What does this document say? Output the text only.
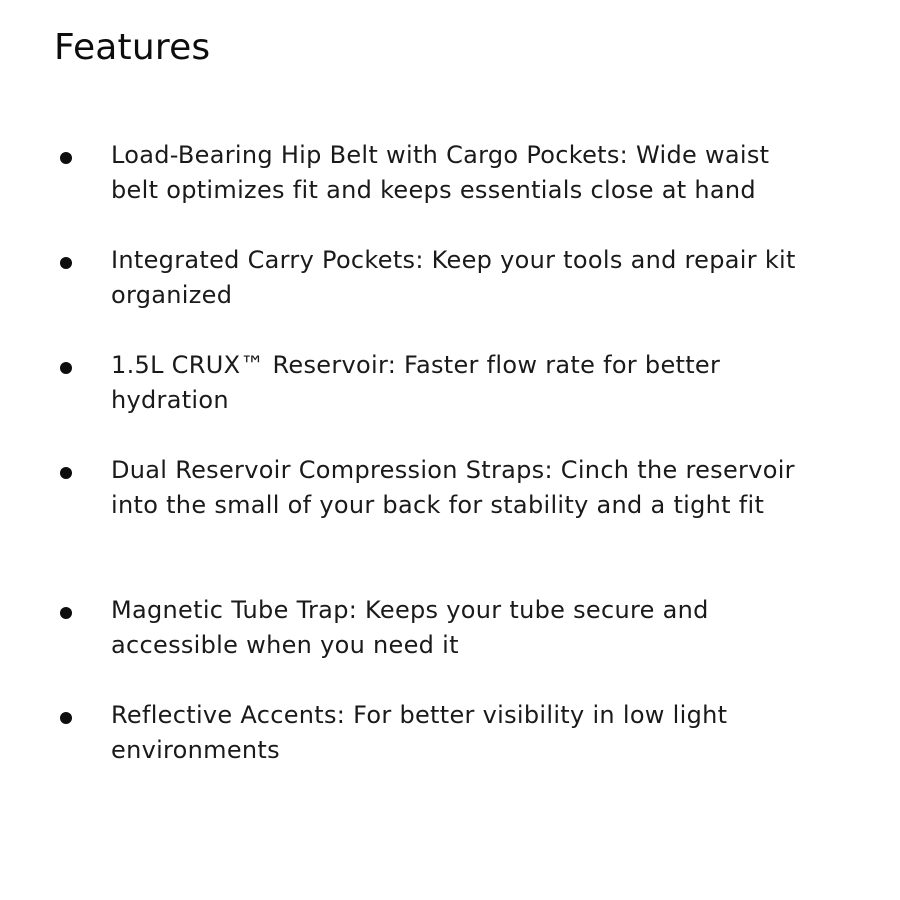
Features

Load-Bearing Hip Belt with Cargo Pockets: Wide waist belt optimizes fit and keeps essentials close at hand

Integrated Carry Pockets: Keep your tools and repair kit organized

1.5L CRUX™ Reservoir: Faster flow rate for better hydration

Dual Reservoir Compression Straps: Cinch the reservoir into the small of your back for stability and a tight fit

Magnetic Tube Trap: Keeps your tube secure and accessible when you need it

Reflective Accents: For better visibility in low light environments
